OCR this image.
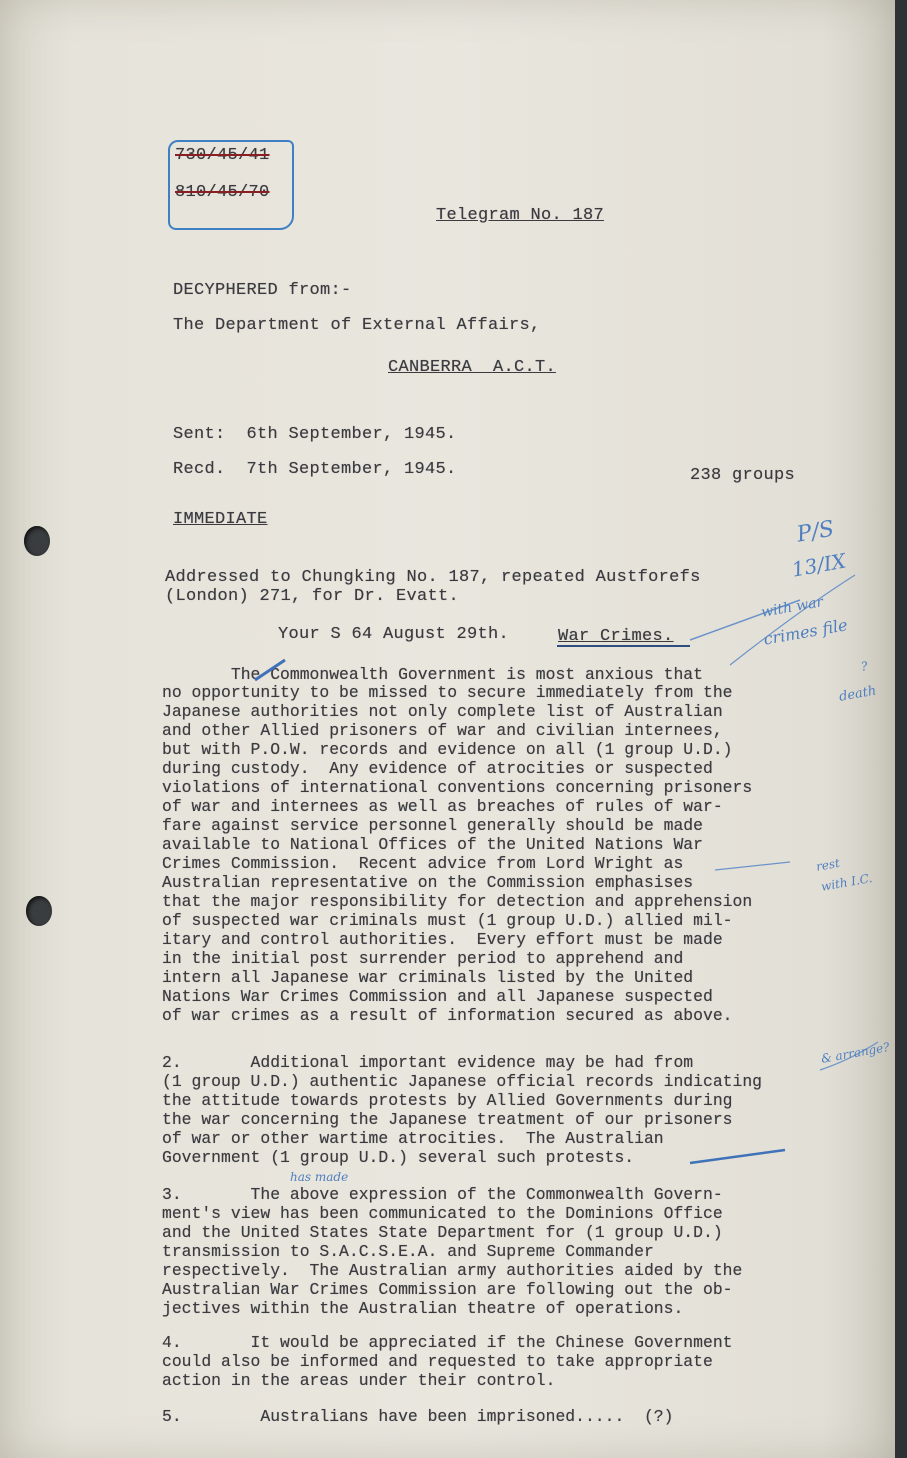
730/45/41
810/45/70
Telegram No. 187
DECYPHERED from:-
The Department of External Affairs,
CANBERRA  A.C.T.
Sent:  6th September, 1945.
Recd.  7th September, 1945.	238 groups
IMMEDIATE
Addressed to Chungking No. 187, repeated Austforefs
(London) 271, for Dr. Evatt.
Your S 64 August 29th.	War Crimes.
The Commonwealth Government is most anxious that
no opportunity to be missed to secure immediately from the
Japanese authorities not only complete list of Australian
and other Allied prisoners of war and civilian internees,
but with P.O.W. records and evidence on all (1 group U.D.)
during custody.  Any evidence of atrocities or suspected
violations of international conventions concerning prisoners
of war and internees as well as breaches of rules of war-
fare against service personnel generally should be made
available to National Offices of the United Nations War
Crimes Commission.  Recent advice from Lord Wright as
Australian representative on the Commission emphasises
that the major responsibility for detection and apprehension
of suspected war criminals must (1 group U.D.) allied mil-
itary and control authorities.  Every effort must be made
in the initial post surrender period to apprehend and
intern all Japanese war criminals listed by the United
Nations War Crimes Commission and all Japanese suspected
of war crimes as a result of information secured as above.
2.       Additional important evidence may be had from
(1 group U.D.) authentic Japanese official records indicating
the attitude towards protests by Allied Governments during
the war concerning the Japanese treatment of our prisoners
of war or other wartime atrocities.  The Australian
Government (1 group U.D.) several such protests.
3.       The above expression of the Commonwealth Govern-
ment's view has been communicated to the Dominions Office
and the United States State Department for (1 group U.D.)
transmission to S.A.C.S.E.A. and Supreme Commander
respectively.  The Australian army authorities aided by the
Australian War Crimes Commission are following out the ob-
jectives within the Australian theatre of operations.
4.       It would be appreciated if the Chinese Government
could also be informed and requested to take appropriate
action in the areas under their control.
5.        Australians have been imprisoned.....  (?)
P/S
13/IX
with war
crimes file
?
death
rest
with I.C.
& arrange?
has made
